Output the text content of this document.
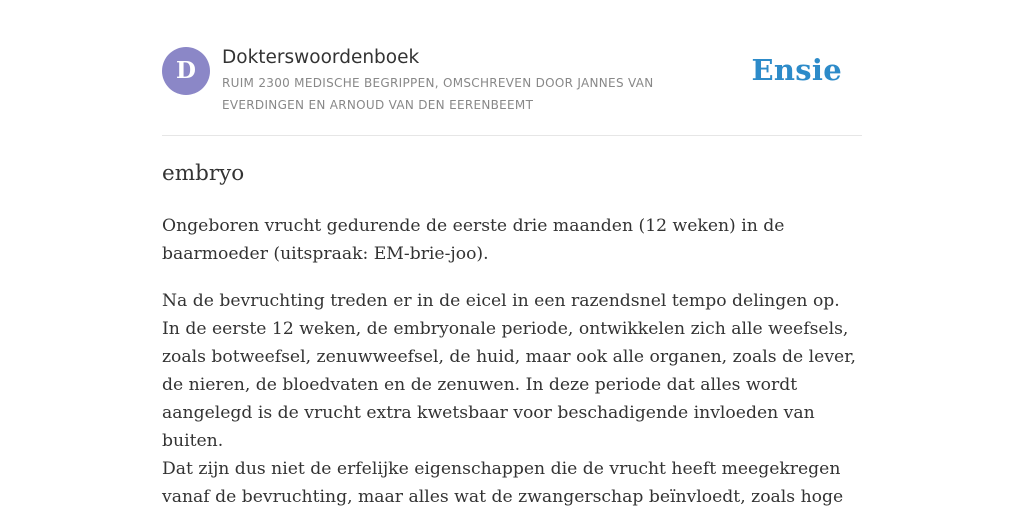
D	Dokterswoordenboek
RUIM 2300 MEDISCHE BEGRIPPEN, OMSCHREVEN DOOR JANNES VAN EVERDINGEN EN ARNOUD VAN DEN EERENBEEMT
Ensie
embryo

Ongeboren vrucht gedurende de eerste drie maanden (12 weken) in de baarmoeder (uitspraak: EM-brie-joo).

Na de bevruchting treden er in de eicel in een razendsnel tempo delingen op. In de eerste 12 weken, de embryonale periode, ontwikkelen zich alle weefsels, zoals botweefsel, zenuwweefsel, de huid, maar ook alle organen, zoals de lever, de nieren, de bloedvaten en de zenuwen. In deze periode dat alles wordt aangelegd is de vrucht extra kwetsbaar voor beschadigende invloeden van buiten.

Dat zijn dus niet de erfelijke eigenschappen die de vrucht heeft meegekregen vanaf de bevruchting, maar alles wat de zwangerschap beïnvloedt, zoals hoge
